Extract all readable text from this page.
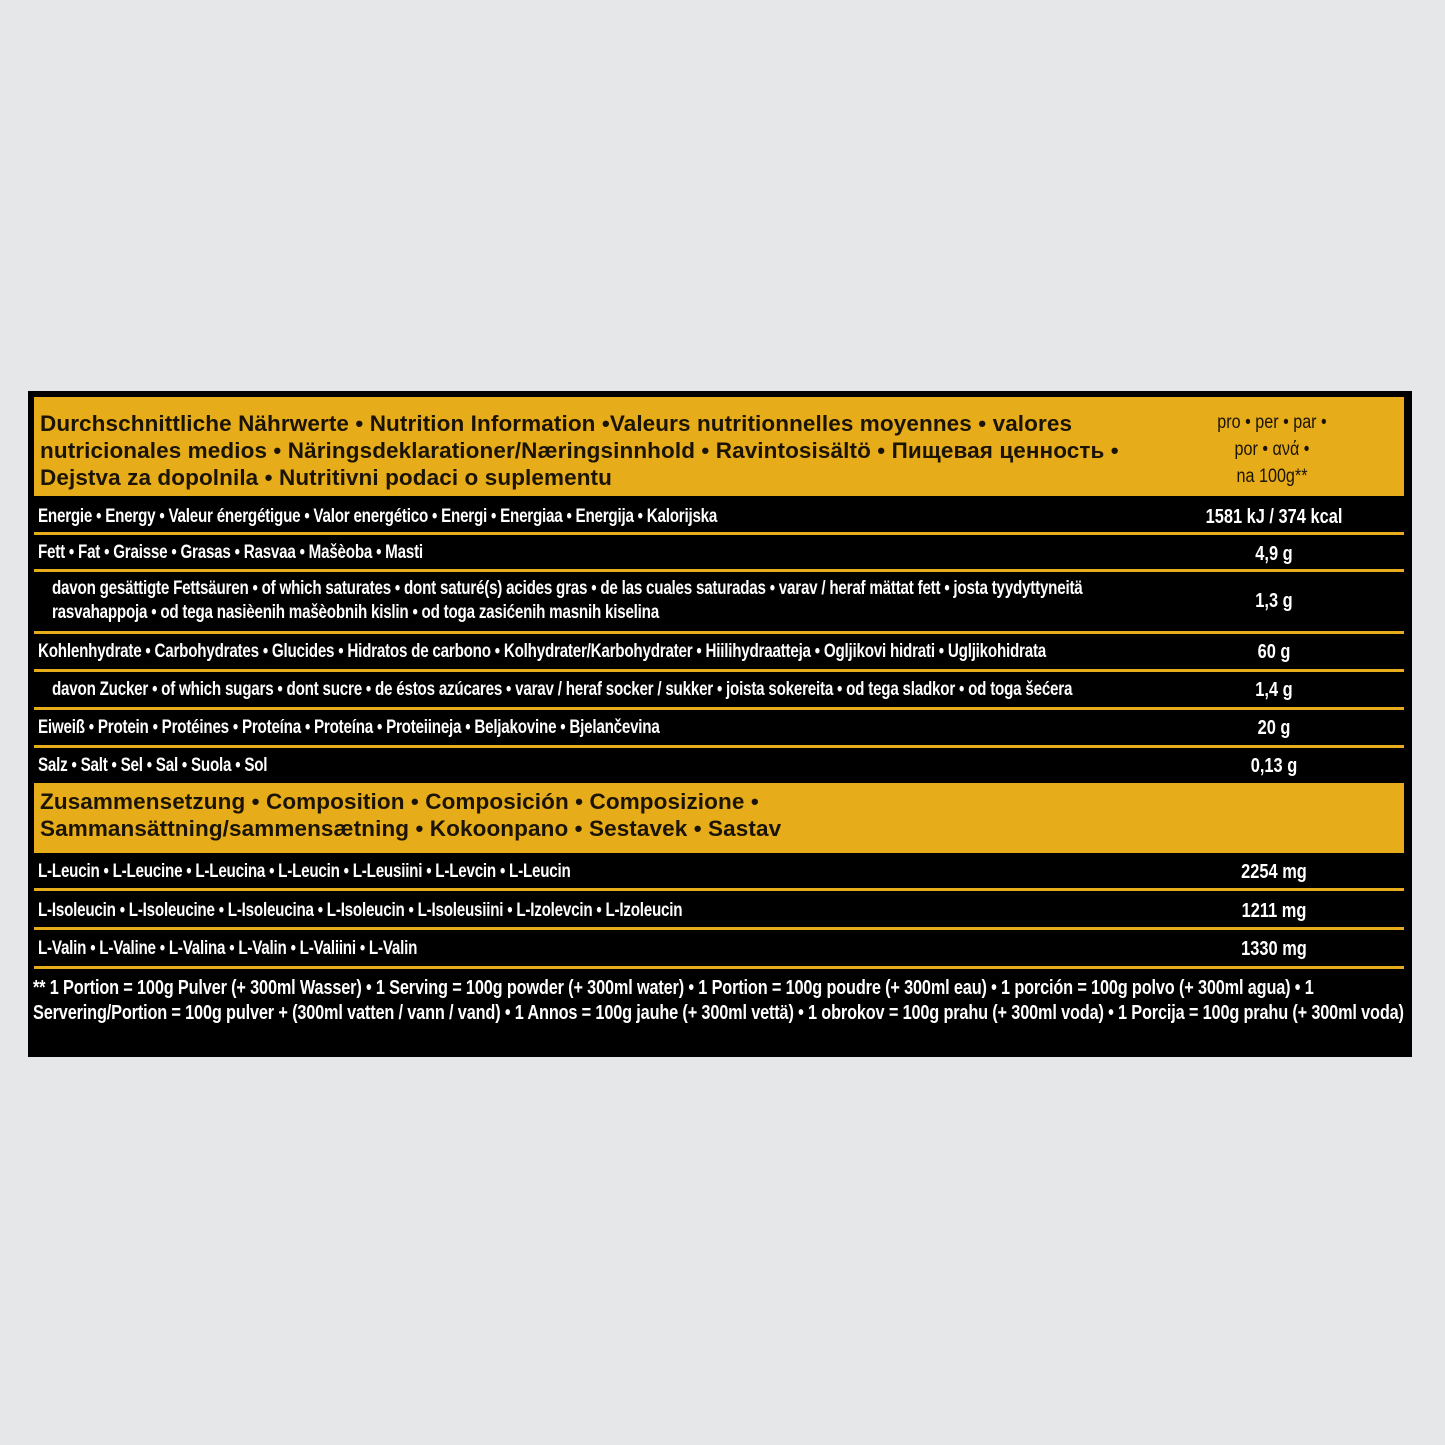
Durchschnittliche Nährwerte • Nutrition Information •Valeurs nutritionnelles moyennes • valores nutricionales medios • Näringsdeklarationer/Næringsinnhold • Ravintosisältö • Пищевая ценность • Dejstva za dopolnila • Nutritivni podaci o suplementu
pro • per • par •
por • ανά •
na 100g**
Energie • Energy • Valeur énergétigue • Valor energético • Energi • Energiaa • Energija • Kalorijska	1581 kJ / 374 kcal
Fett • Fat • Graisse • Grasas • Rasvaa • Mašèoba • Masti	4,9 g
davon gesättigte Fettsäuren • of which saturates • dont saturé(s) acides gras • de las cuales saturadas • varav / heraf mättat fett • josta tyydyttyneitä rasvahappoja • od tega nasièenih mašèobnih kislin • od toga zasićenih masnih kiselina	1,3 g
Kohlenhydrate • Carbohydrates • Glucides • Hidratos de carbono • Kolhydrater/Karbohydrater • Hiilihydraatteja • Ogljikovi hidrati • Ugljikohidrata	60 g
davon Zucker • of which sugars • dont sucre • de éstos azúcares • varav / heraf socker / sukker • joista sokereita • od tega sladkor • od toga šećera	1,4 g
Eiweiß • Protein • Protéines • Proteína • Proteína • Proteiineja • Beljakovine • Bjelančevina	20 g
Salz • Salt • Sel • Sal • Suola • Sol	0,13 g
Zusammensetzung • Composition • Composición • Composizione •
Sammansättning/sammensætning • Kokoonpano • Sestavek • Sastav
L-Leucin • L-Leucine • L-Leucina • L-Leucin • L-Leusiini • L-Levcin • L-Leucin	2254 mg
L-Isoleucin • L-Isoleucine • L-Isoleucina • L-Isoleucin • L-Isoleusiini • L-Izolevcin • L-Izoleucin	1211 mg
L-Valin • L-Valine • L-Valina • L-Valin • L-Valiini • L-Valin	1330 mg
** 1 Portion = 100g Pulver (+ 300ml Wasser) • 1 Serving = 100g powder (+ 300ml water) • 1 Portion = 100g poudre (+ 300ml eau) • 1 porción = 100g polvo (+ 300ml agua) • 1 Servering/Portion = 100g pulver + (300ml vatten / vann / vand) • 1 Annos = 100g jauhe (+ 300ml vettä) • 1 obrokov = 100g prahu (+ 300ml voda) • 1 Porcija = 100g prahu (+ 300ml voda)
